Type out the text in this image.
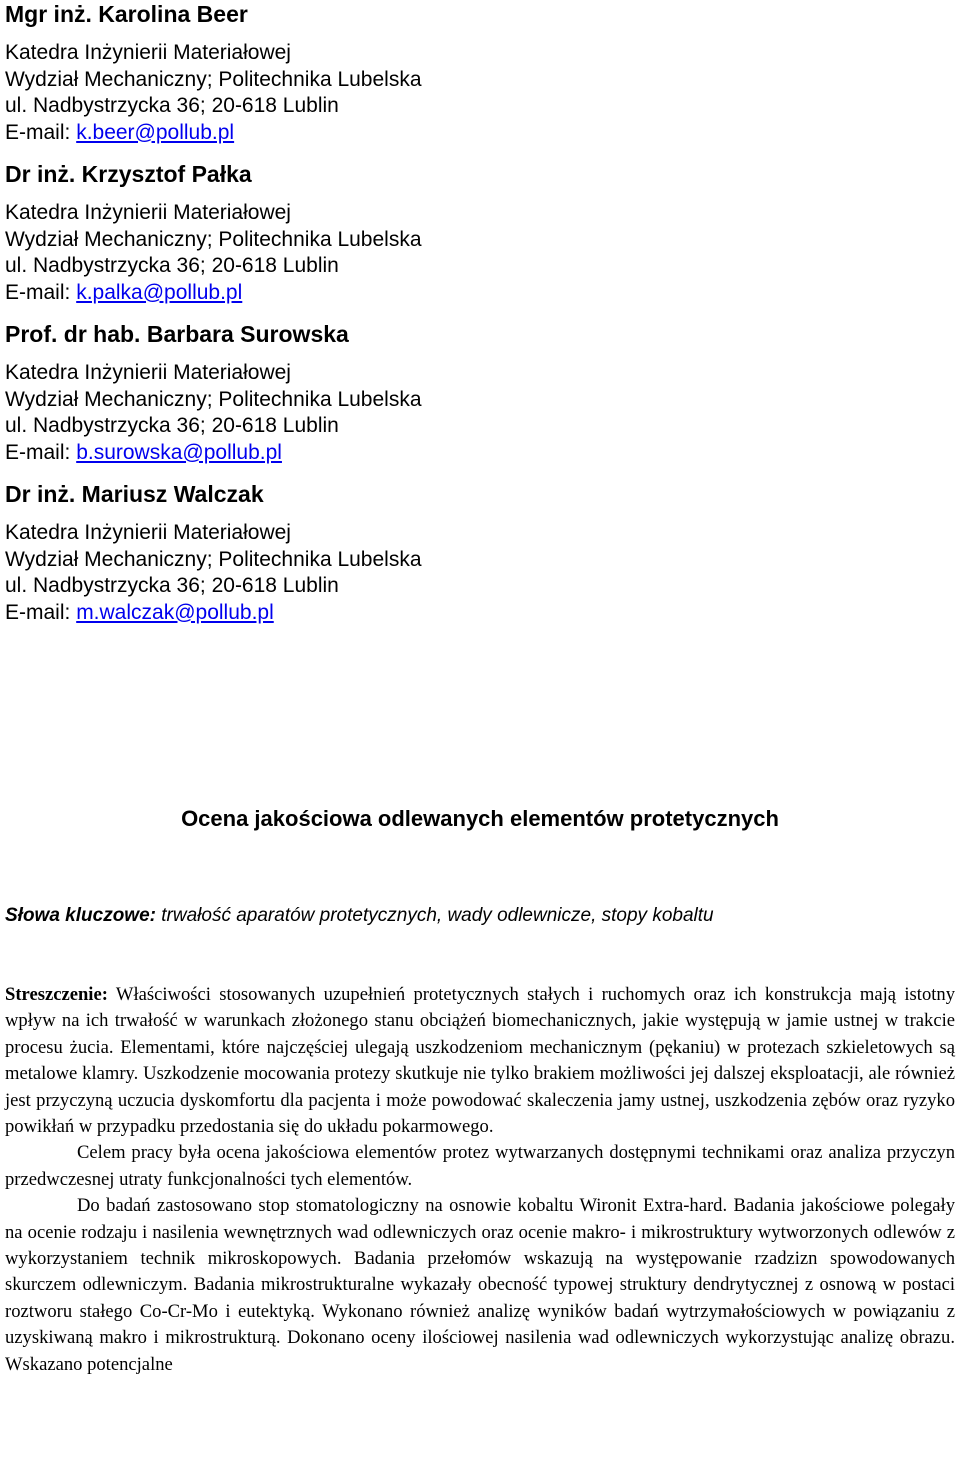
Mgr inż. Karolina Beer
Katedra Inżynierii Materiałowej
Wydział Mechaniczny; Politechnika Lubelska
ul. Nadbystrzycka 36; 20-618 Lublin
E-mail: k.beer@pollub.pl
Dr inż. Krzysztof Pałka
Katedra Inżynierii Materiałowej
Wydział Mechaniczny; Politechnika Lubelska
ul. Nadbystrzycka 36; 20-618 Lublin
E-mail: k.palka@pollub.pl
Prof. dr hab. Barbara Surowska
Katedra Inżynierii Materiałowej
Wydział Mechaniczny; Politechnika Lubelska
ul. Nadbystrzycka 36; 20-618 Lublin
E-mail: b.surowska@pollub.pl
Dr inż. Mariusz Walczak
Katedra Inżynierii Materiałowej
Wydział Mechaniczny; Politechnika Lubelska
ul. Nadbystrzycka 36; 20-618 Lublin
E-mail: m.walczak@pollub.pl
Ocena jakościowa odlewanych elementów protetycznych
Słowa kluczowe: trwałość aparatów protetycznych, wady odlewnicze, stopy kobaltu

Streszczenie: Właściwości stosowanych uzupełnień protetycznych stałych i ruchomych oraz ich konstrukcja mają istotny wpływ na ich trwałość w warunkach złożonego stanu obciążeń biomechanicznych, jakie występują w jamie ustnej w trakcie procesu żucia. Elementami, które najczęściej ulegają uszkodzeniom mechanicznym (pękaniu) w protezach szkieletowych są metalowe klamry. Uszkodzenie mocowania protezy skutkuje nie tylko brakiem możliwości jej dalszej eksploatacji, ale również jest przyczyną uczucia dyskomfortu dla pacjenta i może powodować skaleczenia jamy ustnej, uszkodzenia zębów oraz ryzyko powikłań w przypadku przedostania się do układu pokarmowego.

Celem pracy była ocena jakościowa elementów protez wytwarzanych dostępnymi technikami oraz analiza przyczyn przedwczesnej utraty funkcjonalności tych elementów.

Do badań zastosowano stop stomatologiczny na osnowie kobaltu Wironit Extra-hard. Badania jakościowe polegały na ocenie rodzaju i nasilenia wewnętrznych wad odlewniczych oraz ocenie makro- i mikrostruktury wytworzonych odlewów z wykorzystaniem technik mikroskopowych. Badania przełomów wskazują na występowanie rzadzizn spowodowanych skurczem odlewniczym. Badania mikrostrukturalne wykazały obecność typowej struktury dendrytycznej z osnową w postaci roztworu stałego Co-Cr-Mo i eutektyką. Wykonano również analizę wyników badań wytrzymałościowych w powiązaniu z uzyskiwaną makro i mikrostrukturą. Dokonano oceny ilościowej nasilenia wad odlewniczych wykorzystując analizę obrazu. Wskazano potencjalne
